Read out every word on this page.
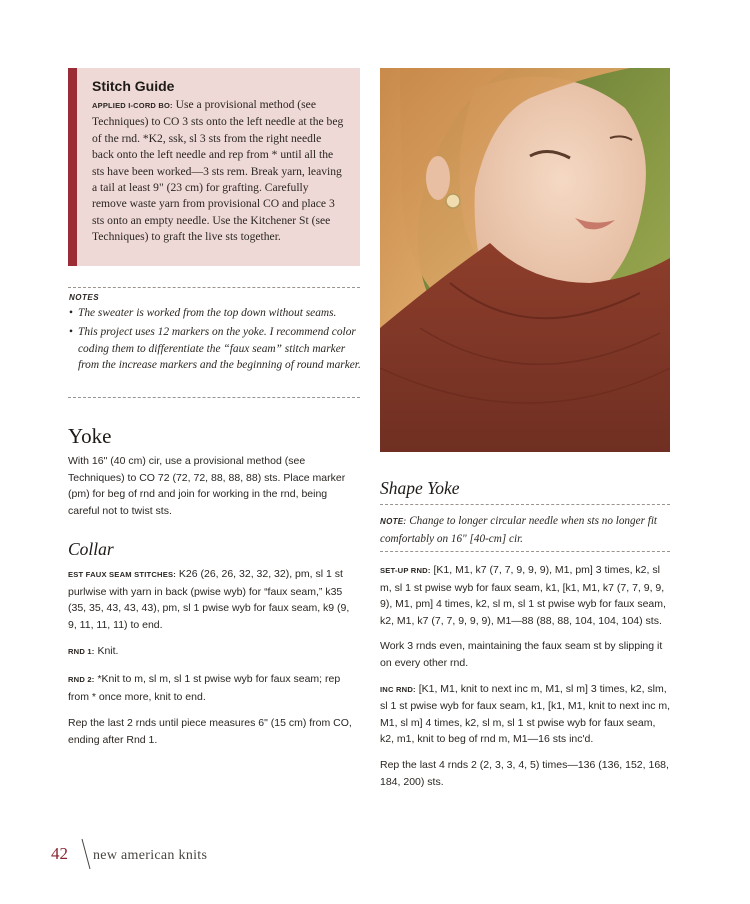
Stitch Guide
APPLIED I-CORD BO: Use a provisional method (see Techniques) to CO 3 sts onto the left needle at the beg of the rnd. *K2, ssk, sl 3 sts from the right needle back onto the left needle and rep from * until all the sts have been worked—3 sts rem. Break yarn, leaving a tail at least 9" (23 cm) for grafting. Carefully remove waste yarn from provisional CO and place 3 sts onto an empty needle. Use the Kitchener St (see Techniques) to graft the live sts together.
NOTES
• The sweater is worked from the top down without seams.
• This project uses 12 markers on the yoke. I recommend color coding them to differentiate the “faux seam” stitch marker from the increase markers and the beginning of round marker.
Yoke

With 16" (40 cm) cir, use a provisional method (see Techniques) to CO 72 (72, 72, 88, 88, 88) sts. Place marker (pm) for beg of rnd and join for working in the rnd, being careful not to twist sts.

Collar

EST FAUX SEAM STITCHES: K26 (26, 26, 32, 32, 32), pm, sl 1 st purlwise with yarn in back (pwise wyb) for “faux seam,” k35 (35, 35, 43, 43, 43), pm, sl 1 pwise wyb for faux seam, k9 (9, 9, 11, 11, 11) to end.

RND 1: Knit.

RND 2: *Knit to m, sl m, sl 1 st pwise wyb for faux seam; rep from * once more, knit to end.

Rep the last 2 rnds until piece measures 6" (15 cm) from CO, ending after Rnd 1.

Shape Yoke
NOTE: Change to longer circular needle when sts no longer fit comfortably on 16" [40-cm] cir.

SET-UP RND: [K1, M1, k7 (7, 7, 9, 9, 9), M1, pm] 3 times, k2, sl m, sl 1 st pwise wyb for faux seam, k1, [k1, M1, k7 (7, 7, 9, 9, 9), M1, pm] 4 times, k2, sl m, sl 1 st pwise wyb for faux seam, k2, M1, k7 (7, 7, 9, 9, 9), M1—88 (88, 88, 104, 104, 104) sts.

Work 3 rnds even, maintaining the faux seam st by slipping it on every other rnd.

INC RND: [K1, M1, knit to next inc m, M1, sl m] 3 times, k2, slm, sl 1 st pwise wyb for faux seam, k1, [k1, M1, knit to next inc m, M1, sl m] 4 times, k2, sl m, sl 1 st pwise wyb for faux seam, k2, m1, knit to beg of rnd m, M1—16 sts inc'd.

Rep the last 4 rnds 2 (2, 3, 3, 4, 5) times—136 (136, 152, 168, 184, 200) sts.

42 new american knits
